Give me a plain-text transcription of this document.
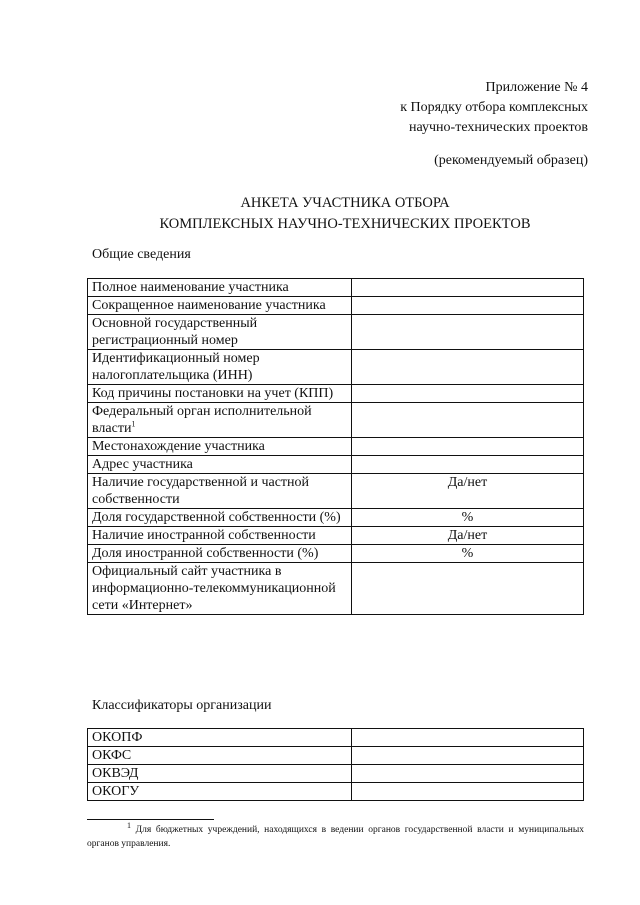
Приложение № 4
к Порядку отбора комплексных
научно-технических проектов
(рекомендуемый образец)
АНКЕТА УЧАСТНИКА ОТБОРА
КОМПЛЕКСНЫХ НАУЧНО-ТЕХНИЧЕСКИХ ПРОЕКТОВ
Общие сведения
Полное наименование участника	
Сокращенное наименование участника	
Основной государственный регистрационный номер	
Идентификационный номер налогоплательщика (ИНН)	
Код причины постановки на учет (КПП)	
Федеральный орган исполнительной власти$^1$	
Местонахождение участника	
Адрес участника	
Наличие государственной и частной собственности	Да/нет
Доля государственной собственности (%)	%
Наличие иностранной собственности	Да/нет
Доля иностранной собственности (%)	%
Официальный сайт участника в информационно-телекоммуникационной сети «Интернет»	
Классификаторы организации
ОКОПФ	
ОКФС	
ОКВЭД	
ОКОГУ	
$^1$ Для бюджетных учреждений, находящихся в ведении органов государственной власти и муниципальных органов управления.
